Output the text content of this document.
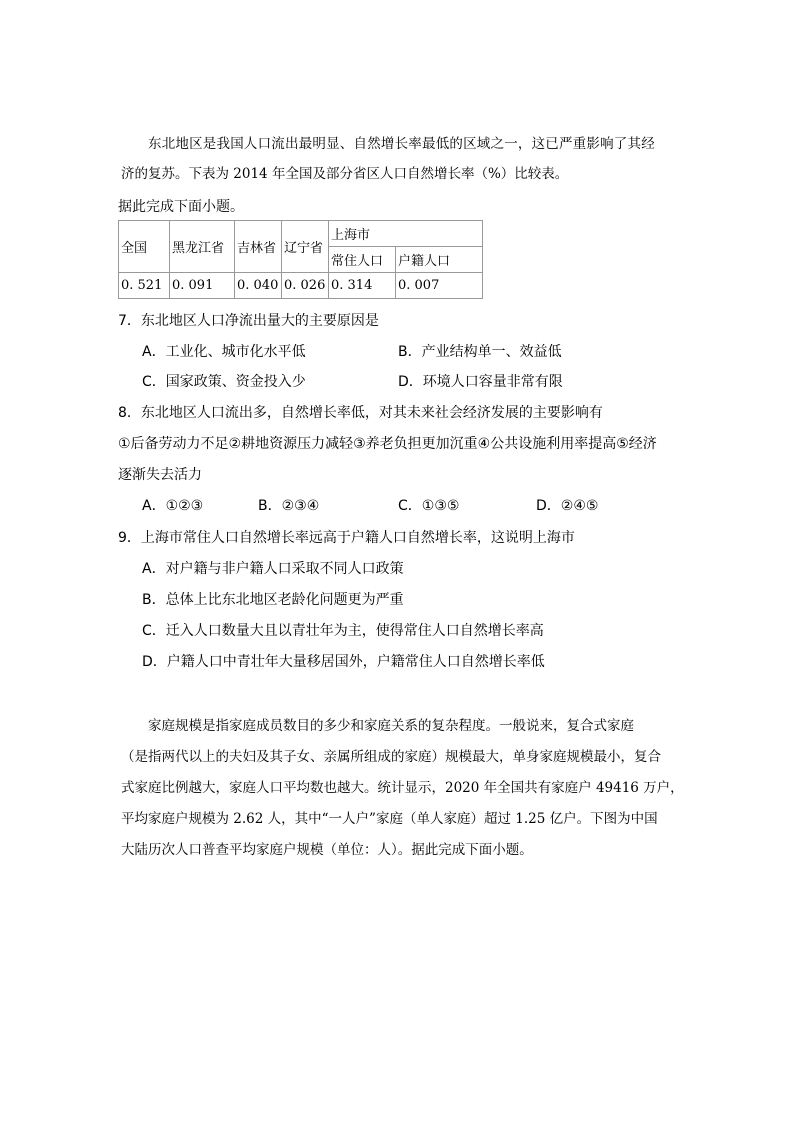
东北地区是我国人口流出最明显、自然增长率最低的区域之一，这已严重影响了其经
济的复苏。下表为 2014 年全国及部分省区人口自然增长率（%）比较表。
据此完成下面小题。
全国	黑龙江省	吉林省	辽宁省	上海市	
				常住人口	户籍人口
0. 521	0. 091	0. 040	0. 026	0. 314	0. 007
7．东北地区人口净流出量大的主要原因是
A．工业化、城市化水平低	B．产业结构单一、效益低
C．国家政策、资金投入少	D．环境人口容量非常有限
8．东北地区人口流出多，自然增长率低，对其未来社会经济发展的主要影响有
①后备劳动力不足②耕地资源压力减轻③养老负担更加沉重④公共设施利用率提高⑤经济
逐渐失去活力
A．①②③	B．②③④	C．①③⑤	D．②④⑤
9．上海市常住人口自然增长率远高于户籍人口自然增长率，这说明上海市
A．对户籍与非户籍人口采取不同人口政策
B．总体上比东北地区老龄化问题更为严重
C．迁入人口数量大且以青壮年为主，使得常住人口自然增长率高
D．户籍人口中青壮年大量移居国外，户籍常住人口自然增长率低
家庭规模是指家庭成员数目的多少和家庭关系的复杂程度。一般说来，复合式家庭
（是指两代以上的夫妇及其子女、亲属所组成的家庭）规模最大，单身家庭规模最小，复合
式家庭比例越大，家庭人口平均数也越大。统计显示，2020 年全国共有家庭户 49416 万户，
平均家庭户规模为 2.62 人，其中“一人户”家庭（单人家庭）超过 1.25 亿户。下图为中国
大陆历次人口普查平均家庭户规模（单位：人）。据此完成下面小题。
